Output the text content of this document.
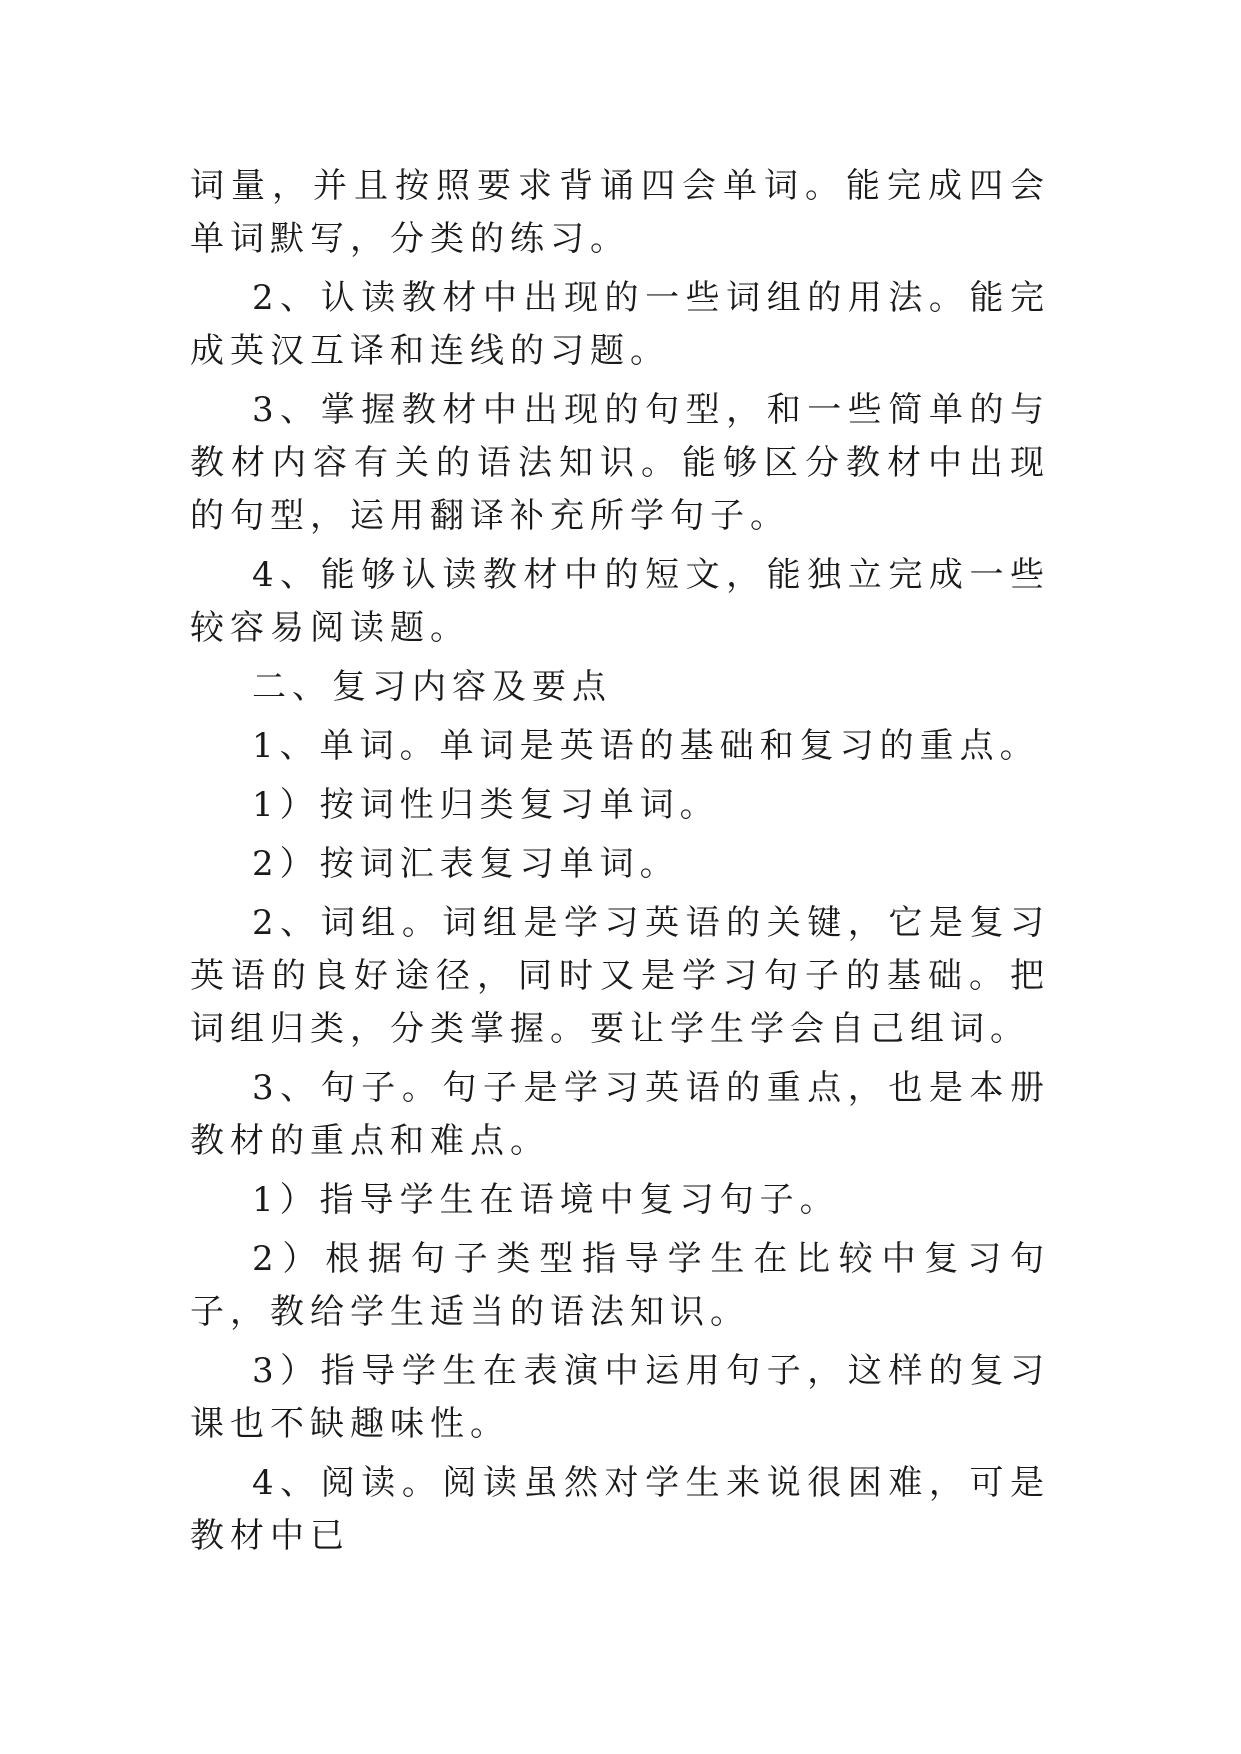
词量，并且按照要求背诵四会单词。能完成四会单词默写，分类的练习。

2、认读教材中出现的一些词组的用法。能完成英汉互译和连线的习题。

3、掌握教材中出现的句型，和一些简单的与教材内容有关的语法知识。能够区分教材中出现的句型，运用翻译补充所学句子。

4、能够认读教材中的短文，能独立完成一些较容易阅读题。

二、复习内容及要点

1、单词。单词是英语的基础和复习的重点。

1）按词性归类复习单词。

2）按词汇表复习单词。

2、词组。词组是学习英语的关键，它是复习英语的良好途径，同时又是学习句子的基础。把词组归类，分类掌握。要让学生学会自己组词。

3、句子。句子是学习英语的重点，也是本册教材的重点和难点。

1）指导学生在语境中复习句子。

2）根据句子类型指导学生在比较中复习句子，教给学生适当的语法知识。

3）指导学生在表演中运用句子，这样的复习课也不缺趣味性。

4、阅读。阅读虽然对学生来说很困难，可是教材中已
